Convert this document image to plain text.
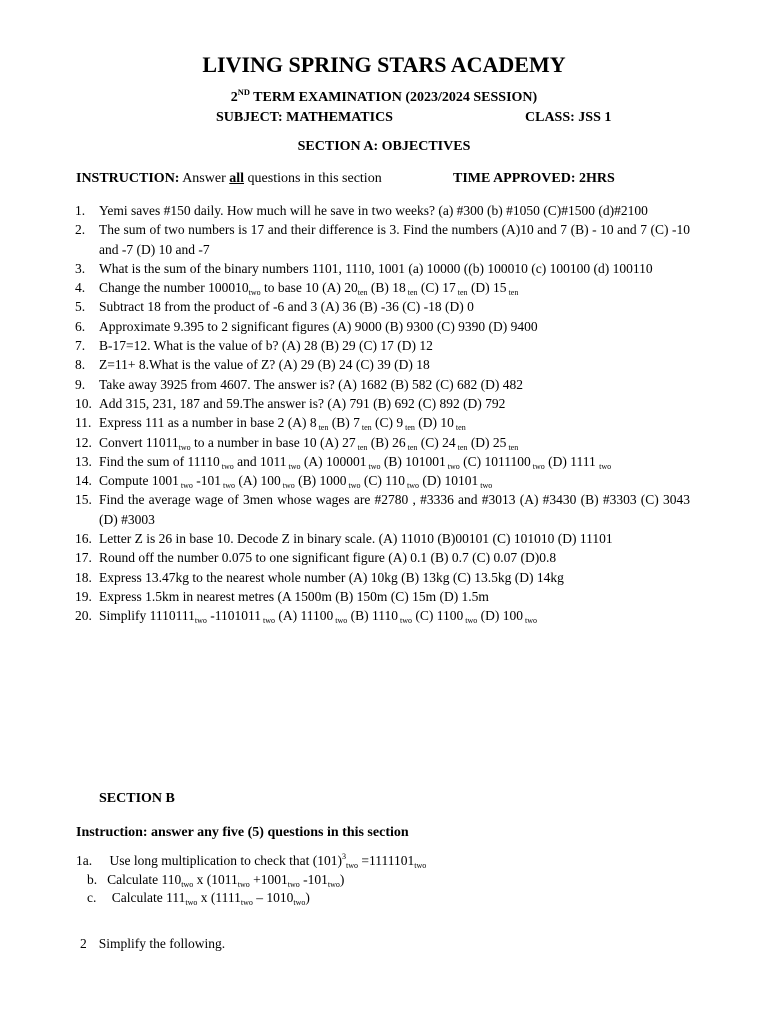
LIVING SPRING STARS ACADEMY
2ND TERM EXAMINATION (2023/2024 SESSION)
SUBJECT: MATHEMATICS	CLASS: JSS 1
SECTION A: OBJECTIVES
INSTRUCTION: Answer all questions in this section	TIME APPROVED: 2HRS
1. Yemi saves #150 daily. How much will he save in two weeks? (a) #300 (b) #1050 (C)#1500 (d)#2100
2. The sum of two numbers is 17 and their difference is 3. Find the numbers (A)10 and 7 (B) - 10 and 7 (C) -10 and -7 (D) 10 and -7
3. What is the sum of the binary numbers 1101, 1110, 1001 (a) 10000 ((b) 100010 (c) 100100 (d) 100110
4. Change the number $100010_{two}$ to base 10 (A) $20_{ten}$ (B) 18 $_{ten}$ (C) 17 $_{ten}$ (D) 15 $_{ten}$
5. Subtract 18 from the product of -6 and 3 (A) 36 (B) -36 (C) -18 (D) 0
6. Approximate 9.395 to 2 significant figures (A) 9000 (B) 9300 (C) 9390 (D) 9400
7. B-17=12. What is the value of b? (A) 28 (B) 29 (C) 17 (D) 12
8. Z=11+ 8.What is the value of Z? (A) 29 (B) 24 (C) 39 (D) 18
9. Take away 3925 from 4607. The answer is? (A) 1682 (B) 582 (C) 682 (D) 482
10. Add 315, 231, 187 and 59.The answer is? (A) 791 (B) 692 (C) 892 (D) 792
11. Express 111 as a number in base 2 (A) 8 $_{ten}$ (B) 7 $_{ten}$ (C) 9 $_{ten}$ (D) 10 $_{ten}$
12. Convert $11011_{two}$ to a number in base 10 (A) 27 $_{ten}$ (B) 26 $_{ten}$ (C) 24 $_{ten}$ (D) 25 $_{ten}$
13. Find the sum of 11110 $_{two}$ and 1011 $_{two}$ (A) 100001 $_{two}$ (B) 101001 $_{two}$ (C) 1011100 $_{two}$ (D) 1111 $_{two}$
14. Compute 1001 $_{two}$ -101 $_{two}$ (A) 100 $_{two}$ (B) 1000 $_{two}$ (C) 110 $_{two}$ (D) 10101 $_{two}$
15. Find the average wage of 3men whose wages are #2780 , #3336 and #3013 (A) #3430 (B) #3303 (C) 3043 (D) #3003
16. Letter Z is 26 in base 10. Decode Z in binary scale. (A) 11010 (B)00101 (C) 101010 (D) 11101
17. Round off the number 0.075 to one significant figure (A) 0.1 (B) 0.7 (C) 0.07 (D)0.8
18. Express 13.47kg to the nearest whole number (A) 10kg (B) 13kg (C) 13.5kg (D) 14kg
19. Express 1.5km in nearest metres (A 1500m (B) 150m (C) 15m (D) 1.5m
20. Simplify $1110111_{two}$ -1101011 $_{two}$ (A) 11100 $_{two}$ (B) 1110 $_{two}$ (C) 1100 $_{two}$ (D) 100 $_{two}$
SECTION B
Instruction: answer any five (5) questions in this section
1a. Use long multiplication to check that $(101)^3_{two} =1111101_{two}$
b. Calculate $110_{two}$ x ($1011_{two} +1001_{two}$ $-101_{two}$)
c. Calculate $111_{two}$ x $(1111_{two} - 1010_{two})$
2 Simplify the following.
